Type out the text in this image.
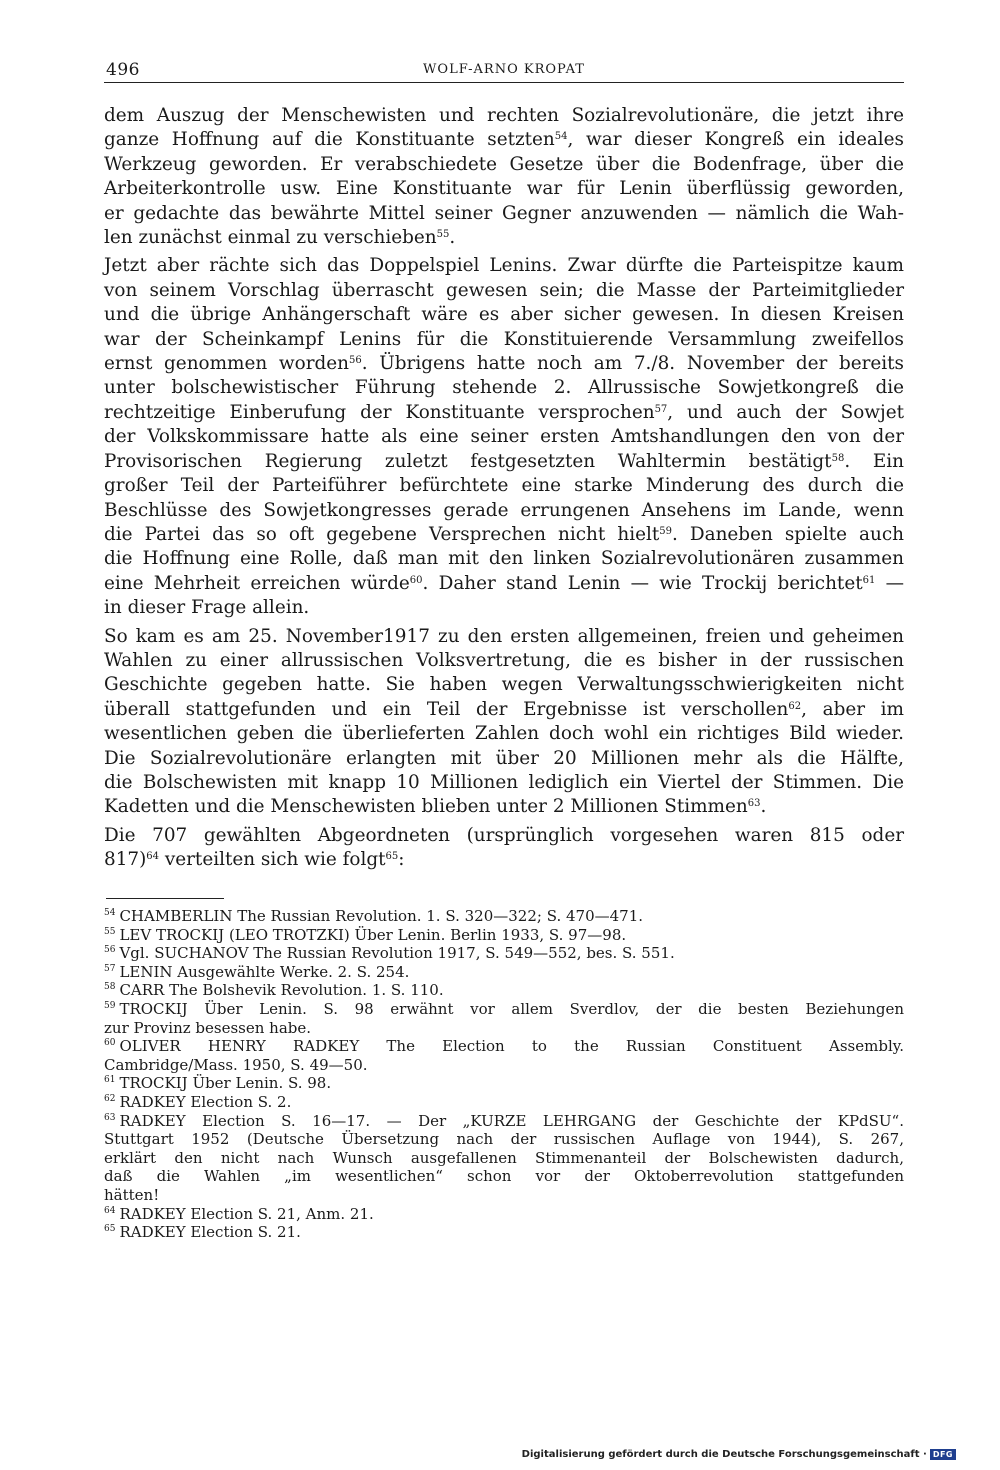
496	WOLF-ARNO KROPAT

dem Auszug der Menschewisten und rechten Sozialrevolutionäre, die jetzt ihre
ganze Hoffnung auf die Konstituante setzten$^{54}$, war dieser Kongreß ein ideales
Werkzeug geworden. Er verabschiedete Gesetze über die Bodenfrage, über die
Arbeiterkontrolle usw. Eine Konstituante war für Lenin überflüssig geworden,
er gedachte das bewährte Mittel seiner Gegner anzuwenden — nämlich die Wah-
len zunächst einmal zu verschieben$^{55}$.

Jetzt aber rächte sich das Doppelspiel Lenins. Zwar dürfte die Parteispitze kaum
von seinem Vorschlag überrascht gewesen sein; die Masse der Parteimitglieder
und die übrige Anhängerschaft wäre es aber sicher gewesen. In diesen Kreisen
war der Scheinkampf Lenins für die Konstituierende Versammlung zweifellos
ernst genommen worden$^{56}$. Übrigens hatte noch am 7./8. November der bereits
unter bolschewistischer Führung stehende 2. Allrussische Sowjetkongreß die
rechtzeitige Einberufung der Konstituante versprochen$^{57}$, und auch der Sowjet
der Volkskommissare hatte als eine seiner ersten Amtshandlungen den von der
Provisorischen Regierung zuletzt festgesetzten Wahltermin bestätigt$^{58}$. Ein
großer Teil der Parteiführer befürchtete eine starke Minderung des durch die
Beschlüsse des Sowjetkongresses gerade errungenen Ansehens im Lande, wenn
die Partei das so oft gegebene Versprechen nicht hielt$^{59}$. Daneben spielte auch
die Hoffnung eine Rolle, daß man mit den linken Sozialrevolutionären zusammen
eine Mehrheit erreichen würde$^{60}$. Daher stand Lenin — wie Trockij berichtet$^{61}$ —
in dieser Frage allein.

So kam es am 25. November1917 zu den ersten allgemeinen, freien und geheimen
Wahlen zu einer allrussischen Volksvertretung, die es bisher in der russischen
Geschichte gegeben hatte. Sie haben wegen Verwaltungsschwierigkeiten nicht
überall stattgefunden und ein Teil der Ergebnisse ist verschollen$^{62}$, aber im
wesentlichen geben die überlieferten Zahlen doch wohl ein richtiges Bild wieder.
Die Sozialrevolutionäre erlangten mit über 20 Millionen mehr als die Hälfte,
die Bolschewisten mit knapp 10 Millionen lediglich ein Viertel der Stimmen. Die
Kadetten und die Menschewisten blieben unter 2 Millionen Stimmen$^{63}$.

Die 707 gewählten Abgeordneten (ursprünglich vorgesehen waren 815 oder
817)$^{64}$ verteilten sich wie folgt$^{65}$:

$^{54}$ CHAMBERLIN The Russian Revolution. 1. S. 320—322; S. 470—471.
$^{55}$ LEV TROCKIJ (LEO TROTZKI) Über Lenin. Berlin 1933, S. 97—98.
$^{56}$ Vgl. SUCHANOV The Russian Revolution 1917, S. 549—552, bes. S. 551.
$^{57}$ LENIN Ausgewählte Werke. 2. S. 254.
$^{58}$ CARR The Bolshevik Revolution. 1. S. 110.
$^{59}$ TROCKIJ Über Lenin. S. 98 erwähnt vor allem Sverdlov, der die besten Beziehungen
zur Provinz besessen habe.
$^{60}$ OLIVER HENRY RADKEY The Election to the Russian Constituent Assembly.
Cambridge/Mass. 1950, S. 49—50.
$^{61}$ TROCKIJ Über Lenin. S. 98.
$^{62}$ RADKEY Election S. 2.
$^{63}$ RADKEY Election S. 16—17. — Der „KURZE LEHRGANG der Geschichte der KPdSU“.
Stuttgart 1952 (Deutsche Übersetzung nach der russischen Auflage von 1944), S. 267,
erklärt den nicht nach Wunsch ausgefallenen Stimmenanteil der Bolschewisten dadurch,
daß die Wahlen „im wesentlichen“ schon vor der Oktoberrevolution stattgefunden
hätten!
$^{64}$ RADKEY Election S. 21, Anm. 21.
$^{65}$ RADKEY Election S. 21.
Digitalisierung gefördert durch die Deutsche Forschungsgemeinschaft · DFG
